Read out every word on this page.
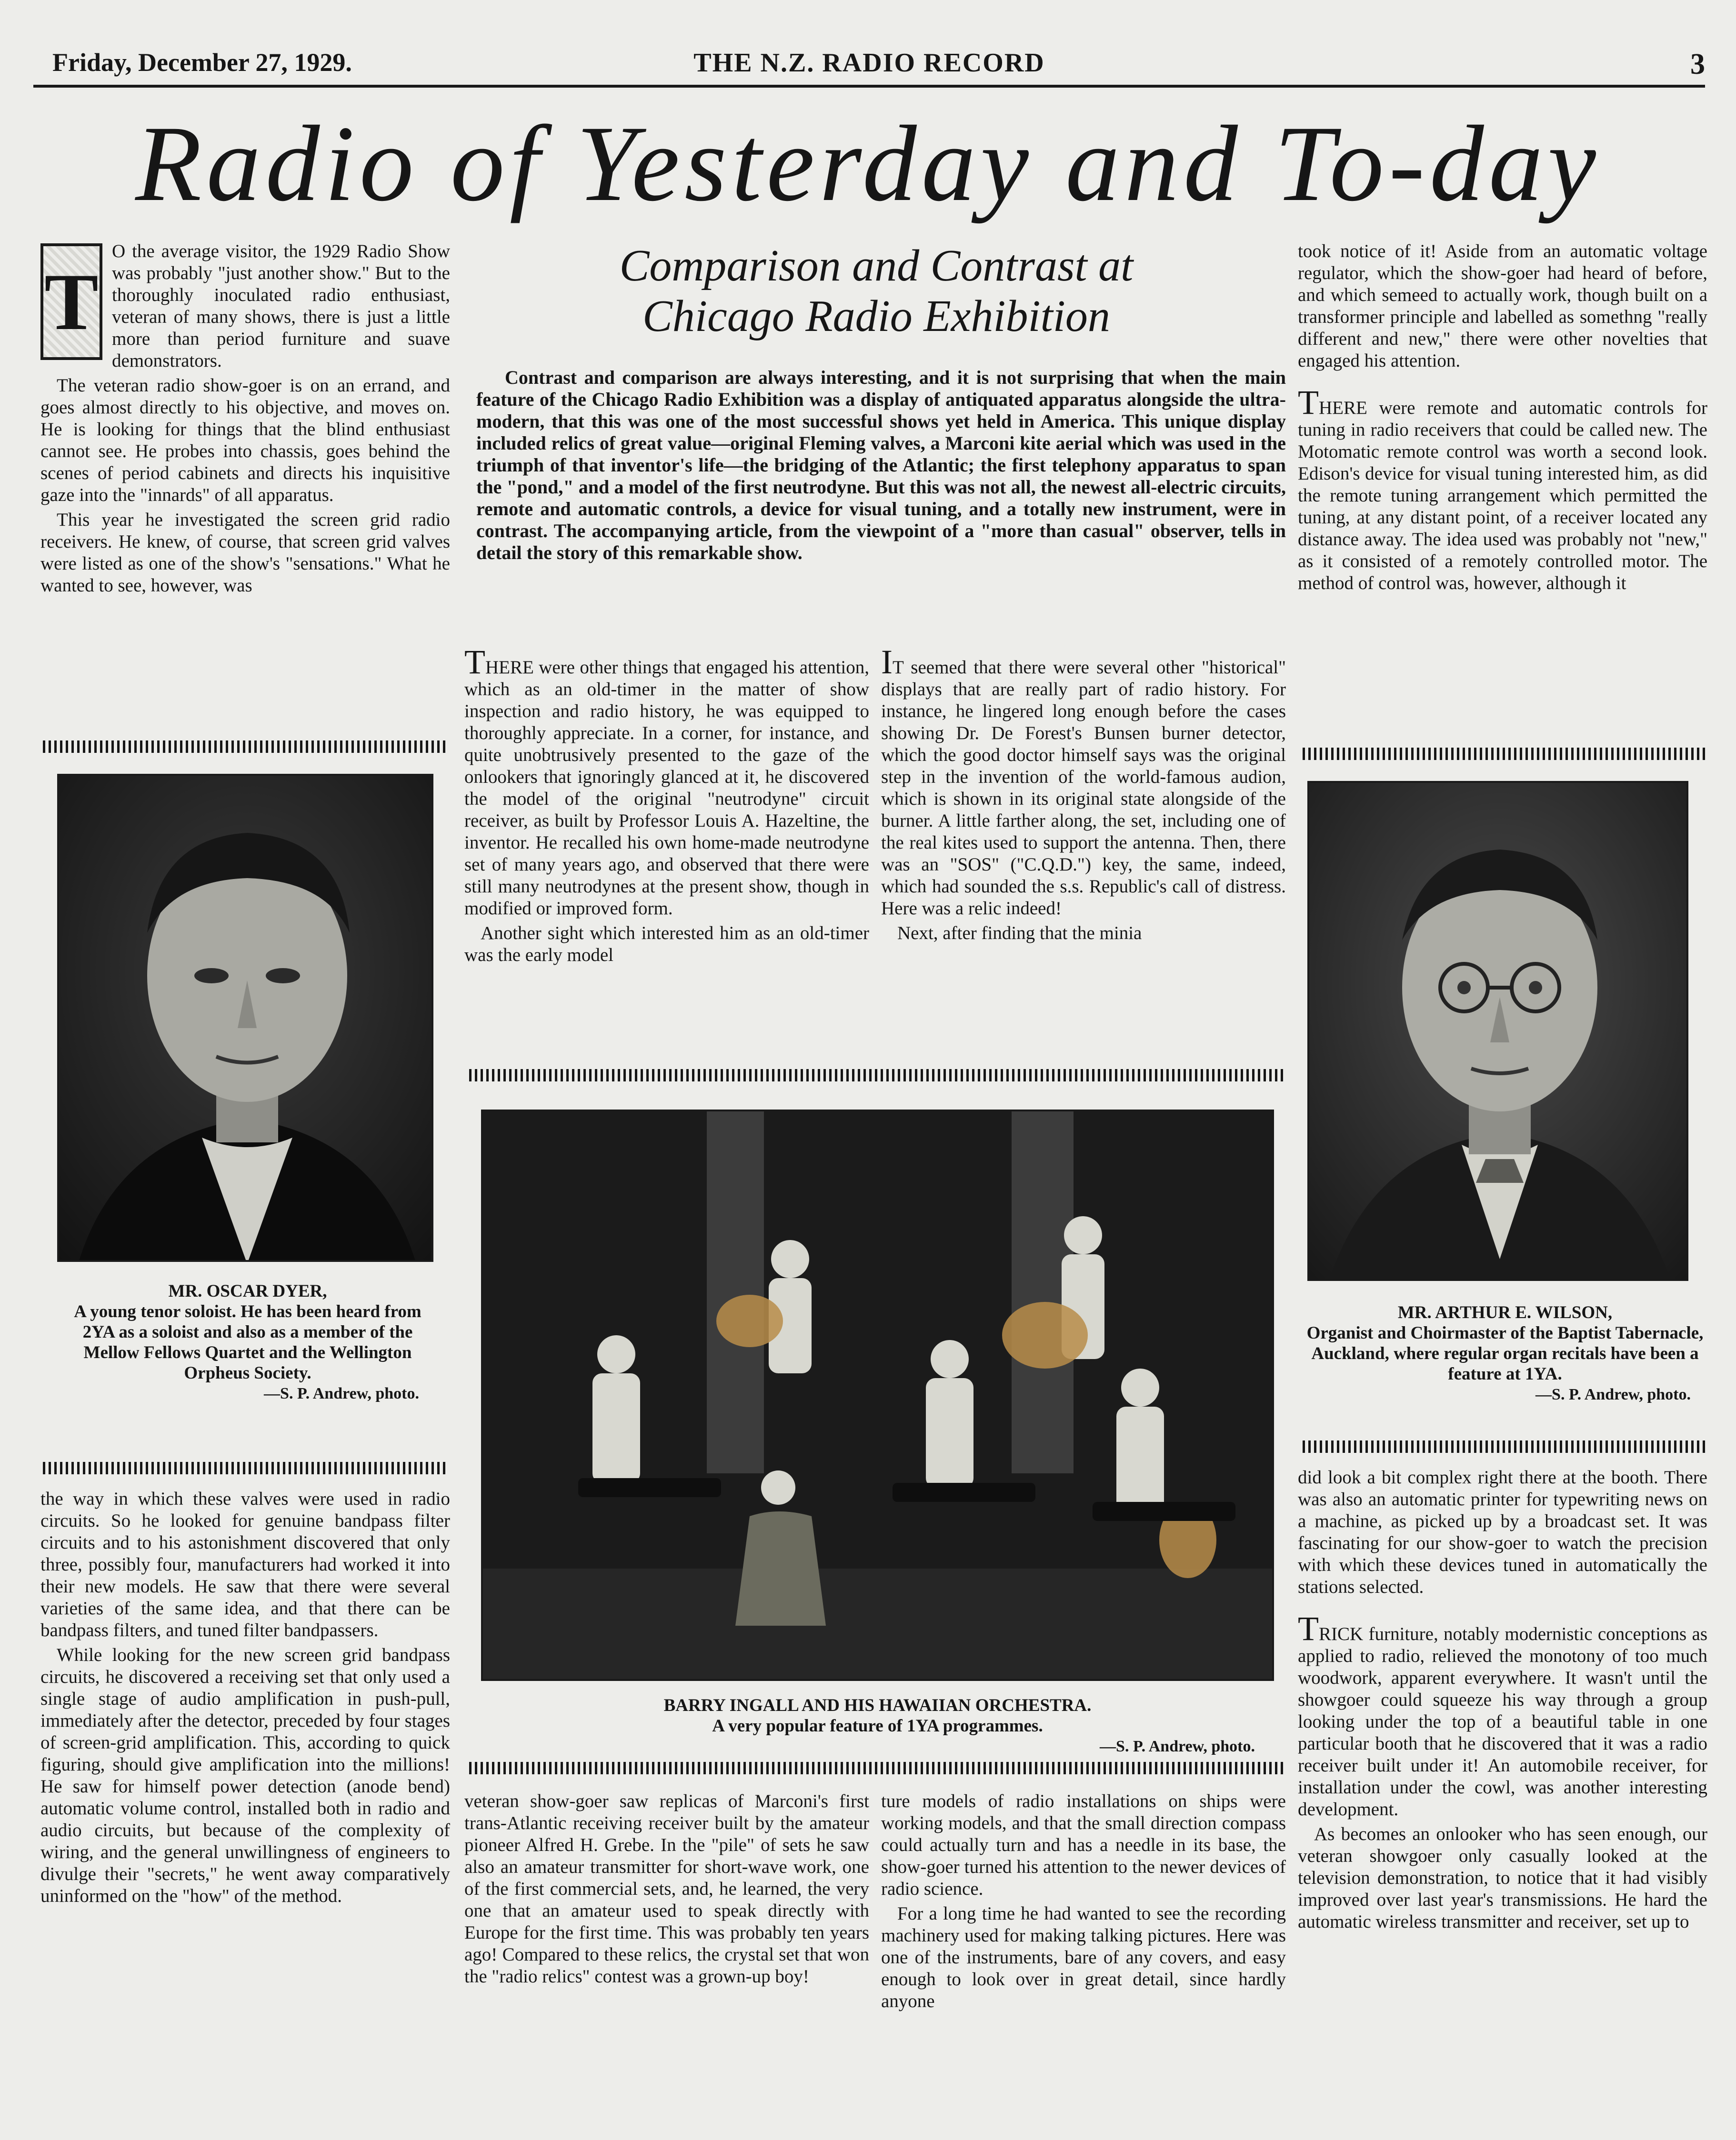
Friday, December 27, 1929.	THE N.Z. RADIO RECORD	3
Radio of Yesterday and To-day
Comparison and Contrast at
Chicago Radio Exhibition
Contrast and comparison are always interesting, and it is not surprising that when the main feature of the Chicago Radio Exhibition was a display of antiquated apparatus alongside the ultra-modern, that this was one of the most successful shows yet held in America. This unique display included relics of great value—original Fleming valves, a Marconi kite aerial which was used in the triumph of that inventor's life—the bridging of the Atlantic; the first telephony apparatus to span the "pond," and a model of the first neutrodyne. But this was not all, the newest all-electric circuits, remote and automatic controls, a device for visual tuning, and a totally new instrument, were in contrast. The accompanying article, from the viewpoint of a "more than casual" observer, tells in detail the story of this remarkable show.
T

O the average visitor, the 1929 Radio Show was probably "just another show." But to the thoroughly inoculated radio enthusiast, veteran of many shows, there is just a little more than period furniture and suave demonstrators.

The veteran radio show-goer is on an errand, and goes almost directly to his objective, and moves on. He is looking for things that the blind enthusiast cannot see. He probes into chassis, goes behind the scenes of period cabinets and directs his inquisitive gaze into the "innards" of all apparatus.

This year he investigated the screen grid radio receivers. He knew, of course, that screen grid valves were listed as one of the show's "sensations." What he wanted to see, however, was

MR. OSCAR DYER,
A young tenor soloist. He has been heard from 2YA as a soloist and also as a member of the Mellow Fellows Quartet and the Wellington Orpheus Society.
—S. P. Andrew, photo.

the way in which these valves were used in radio circuits. So he looked for genuine bandpass filter circuits and to his astonishment discovered that only three, possibly four, manufacturers had worked it into their new models. He saw that there were several varieties of the same idea, and that there can be bandpass filters, and tuned filter bandpassers.

While looking for the new screen grid bandpass circuits, he discovered a receiving set that only used a single stage of audio amplification in push-pull, immediately after the detector, preceded by four stages of screen-grid amplification. This, according to quick figuring, should give amplification into the millions! He saw for himself power detection (anode bend) automatic volume control, installed both in radio and audio circuits, but because of the complexity of wiring, and the general unwillingness of engineers to divulge their "secrets," he went away comparatively uninformed on the "how" of the method.

THERE were other things that engaged his attention, which as an old-timer in the matter of show inspection and radio history, he was equipped to thoroughly appreciate. In a corner, for instance, and quite unobtrusively presented to the gaze of the onlookers that ignoringly glanced at it, he discovered the model of the original "neutrodyne" circuit receiver, as built by Professor Louis A. Hazeltine, the inventor. He recalled his own home-made neutrodyne set of many years ago, and observed that there were still many neutrodynes at the present show, though in modified or improved form.

Another sight which interested him as an old-timer was the early model

IT seemed that there were several other "historical" displays that are really part of radio history. For instance, he lingered long enough before the cases showing Dr. De Forest's Bunsen burner detector, which the good doctor himself says was the original step in the invention of the world-famous audion, which is shown in its original state alongside of the burner. A little farther along, the set, including one of the real kites used to support the antenna. Then, there was an "SOS" ("C.Q.D.") key, the same, indeed, which had sounded the s.s. Republic's call of distress. Here was a relic indeed!

Next, after finding that the minia

BARRY INGALL AND HIS HAWAIIAN ORCHESTRA.
A very popular feature of 1YA programmes.
—S. P. Andrew, photo.

veteran show-goer saw replicas of Marconi's first trans-Atlantic receiving receiver built by the amateur pioneer Alfred H. Grebe. In the "pile" of sets he saw also an amateur transmitter for short-wave work, one of the first commercial sets, and, he learned, the very one that an amateur used to speak directly with Europe for the first time. This was probably ten years ago! Compared to these relics, the crystal set that won the "radio relics" contest was a grown-up boy!

ture models of radio installations on ships were working models, and that the small direction compass could actually turn and has a needle in its base, the show-goer turned his attention to the newer devices of radio science.

For a long time he had wanted to see the recording machinery used for making talking pictures. Here was one of the instruments, bare of any covers, and easy enough to look over in great detail, since hardly anyone

took notice of it! Aside from an automatic voltage regulator, which the show-goer had heard of before, and which semeed to actually work, though built on a transformer principle and labelled as somethng "really different and new," there were other novelties that engaged his attention.

THERE were remote and automatic controls for tuning in radio receivers that could be called new. The Motomatic remote control was worth a second look. Edison's device for visual tuning interested him, as did the remote tuning arrangement which permitted the tuning, at any distant point, of a receiver located any distance away. The idea used was probably not "new," as it consisted of a remotely controlled motor. The method of control was, however, although it

MR. ARTHUR E. WILSON,
Organist and Choirmaster of the Baptist Tabernacle, Auckland, where regular organ recitals have been a feature at 1YA.
—S. P. Andrew, photo.

did look a bit complex right there at the booth. There was also an automatic printer for typewriting news on a machine, as picked up by a broadcast set. It was fascinating for our show-goer to watch the precision with which these devices tuned in automatically the stations selected.

TRICK furniture, notably modernistic conceptions as applied to radio, relieved the monotony of too much woodwork, apparent everywhere. It wasn't until the showgoer could squeeze his way through a group looking under the top of a beautiful table in one particular booth that he discovered that it was a radio receiver built under it! An automobile receiver, for installation under the cowl, was another interesting development.

As becomes an onlooker who has seen enough, our veteran showgoer only casually looked at the television demonstration, to notice that it had visibly improved over last year's transmissions. He hard the automatic wireless transmitter and receiver, set up to
